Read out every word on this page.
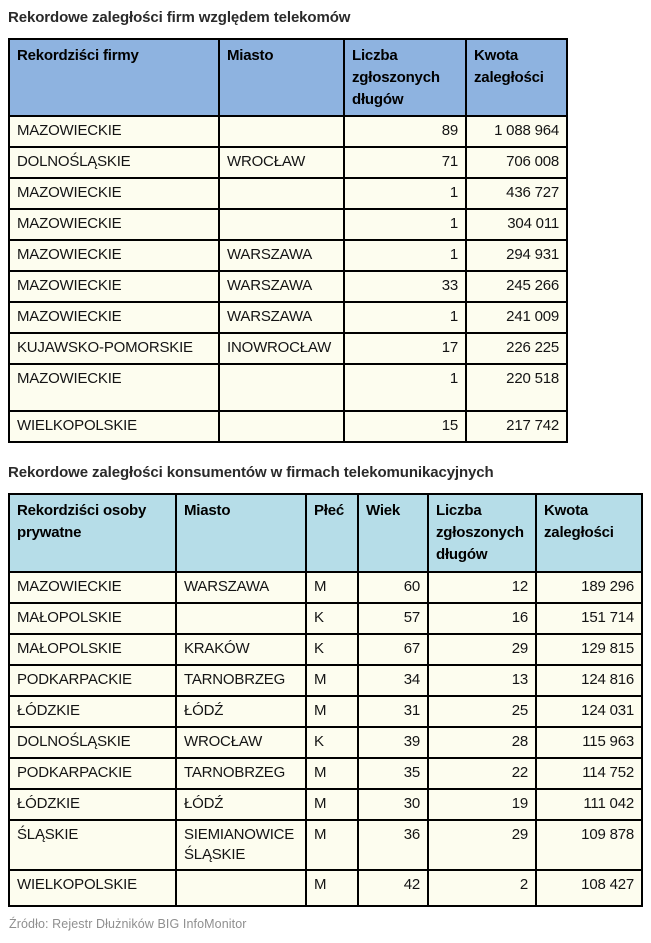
Rekordowe zaległości firm względem telekomów
Rekordziści firmy	Miasto	Liczba zgłoszonych długów	Kwota zaległości
MAZOWIECKIE		89	1 088 964
DOLNOŚLĄSKIE	WROCŁAW	71	706 008
MAZOWIECKIE		1	436 727
MAZOWIECKIE		1	304 011
MAZOWIECKIE	WARSZAWA	1	294 931
MAZOWIECKIE	WARSZAWA	33	245 266
MAZOWIECKIE	WARSZAWA	1	241 009
KUJAWSKO-POMORSKIE	INOWROCŁAW	17	226 225
MAZOWIECKIE		1	220 518
WIELKOPOLSKIE		15	217 742
Rekordowe zaległości konsumentów w firmach telekomunikacyjnych
Rekordziści osoby prywatne	Miasto	Płeć	Wiek	Liczba zgłoszonych długów	Kwota zaległości
MAZOWIECKIE	WARSZAWA	M	60	12	189 296
MAŁOPOLSKIE		K	57	16	151 714
MAŁOPOLSKIE	KRAKÓW	K	67	29	129 815
PODKARPACKIE	TARNOBRZEG	M	34	13	124 816
ŁÓDZKIE	ŁÓDŹ	M	31	25	124 031
DOLNOŚLĄSKIE	WROCŁAW	K	39	28	115 963
PODKARPACKIE	TARNOBRZEG	M	35	22	114 752
ŁÓDZKIE	ŁÓDŹ	M	30	19	111 042
ŚLĄSKIE	SIEMIANOWICE ŚLĄSKIE	M	36	29	109 878
WIELKOPOLSKIE		M	42	2	108 427

Źródło: Rejestr Dłużników BIG InfoMonitor
